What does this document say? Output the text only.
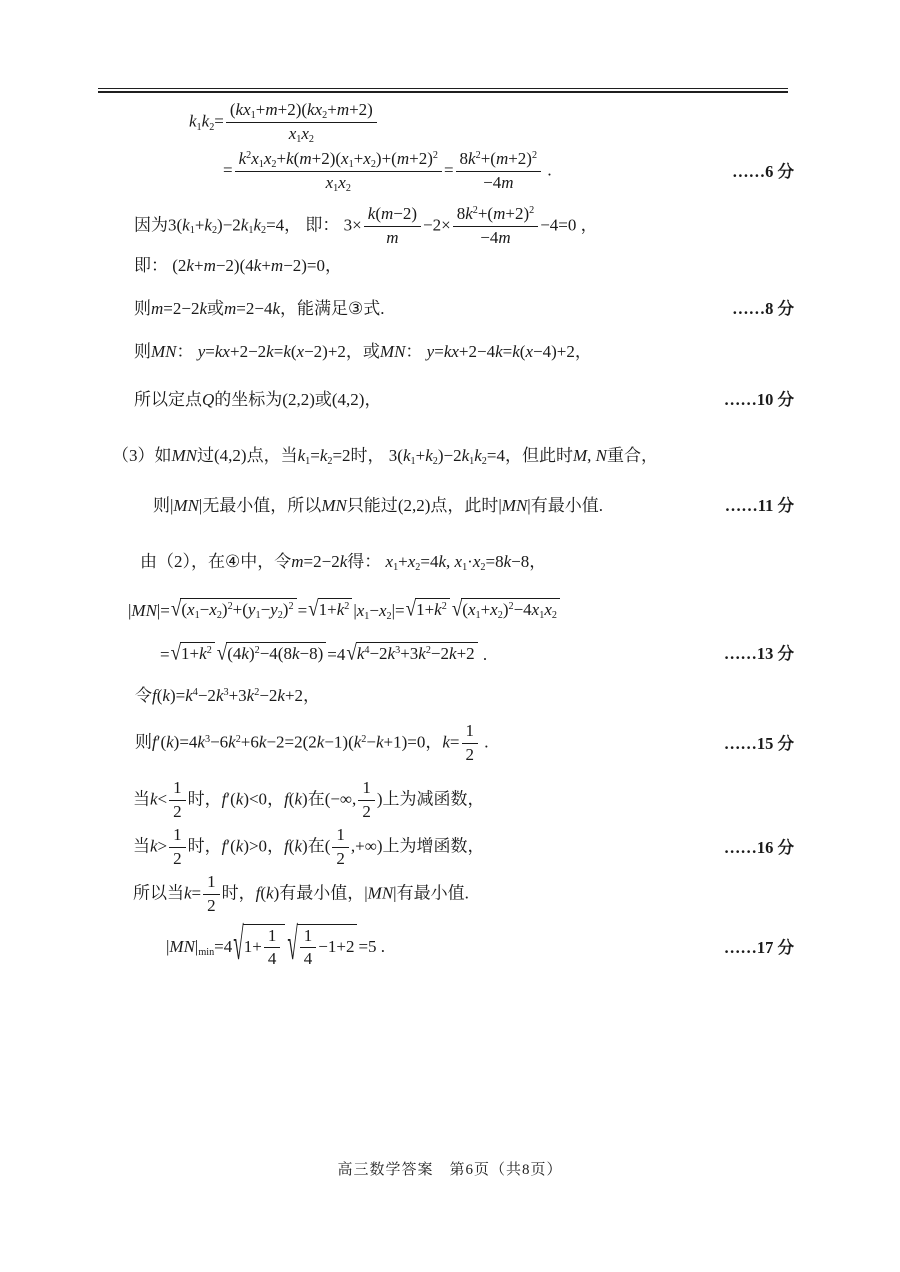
$k1k2= \frac{(kx1+m+2)(kx2+m+2)}{x1x2}$
= $\frac{k^2x1x2+k(m+2)(x1+x2)+(m+2)^2}{x1x2} = \frac{8k^2+(m+2)^2}{-4m}$ .	……6 分
因为3(k1+k2)−2k1k2=4， 即： $3\times \frac{k(m-2)}{m} -2\times \frac{8k^2+(m+2)^2}{-4m} -4=0$ ，
即： (2k+m−2)(4k+m−2)=0，
则m=2−2k或m=2−4k，能满足③式.	……8 分
则MN： y=kx+2−2k=k(x−2)+2，或MN： y=kx+2−4k=k(x−4)+2，
所以定点Q的坐标为(2,2)或(4,2)，	……10 分
（3）如MN过(4,2)点，当k1=k2=2时， 3(k1+k2)−2k1k2=4，但此时M, N重合，
则|MN|无最小值，所以MN只能过(2,2)点，此时|MN|有最小值.	……11 分
由（2），在④中，令m=2−2k得： x1+x2=4k, x1·x2=8k−8，
|MN|= √ $(x1-x2)^2+(y1-y2)^2$ = √ $1+k^2$ |x1−x2|= √ $1+k^2$ √ $(x1+x2)^2-4x1x2$
= √ $1+k^2$ √ $(4k)^2-4(8k-8) =4$ √ $k^4-2k^3+3k^2-2k+2$ .	……13 分
令$f(k)=k^4-2k^3+3k^2-2k+2$，
则$f'(k)=4k^3-6k^2+6k-2=2(2k-1)(k^2-k+1)=0$，$k= \frac{1}{2}$ .	……15 分
当$k< \frac{1}{2}$ 时，f′(k)<0，f(k)在(−∞, $\frac{1}{2}$ )上为减函数，
当$k> \frac{1}{2}$ 时，f′(k)>0，f(k)在( $\frac{1}{2}$ ,+∞)上为增函数，	……16 分
所以当$k= \frac{1}{2}$ 时，f(k)有最小值，|MN|有最小值.
|MN|min=4 √ $1+ \frac{1}{4}$ √ $\frac{1}{4} -1+2 =5$ .	……17 分
高三数学答案　第6页（共8页）
